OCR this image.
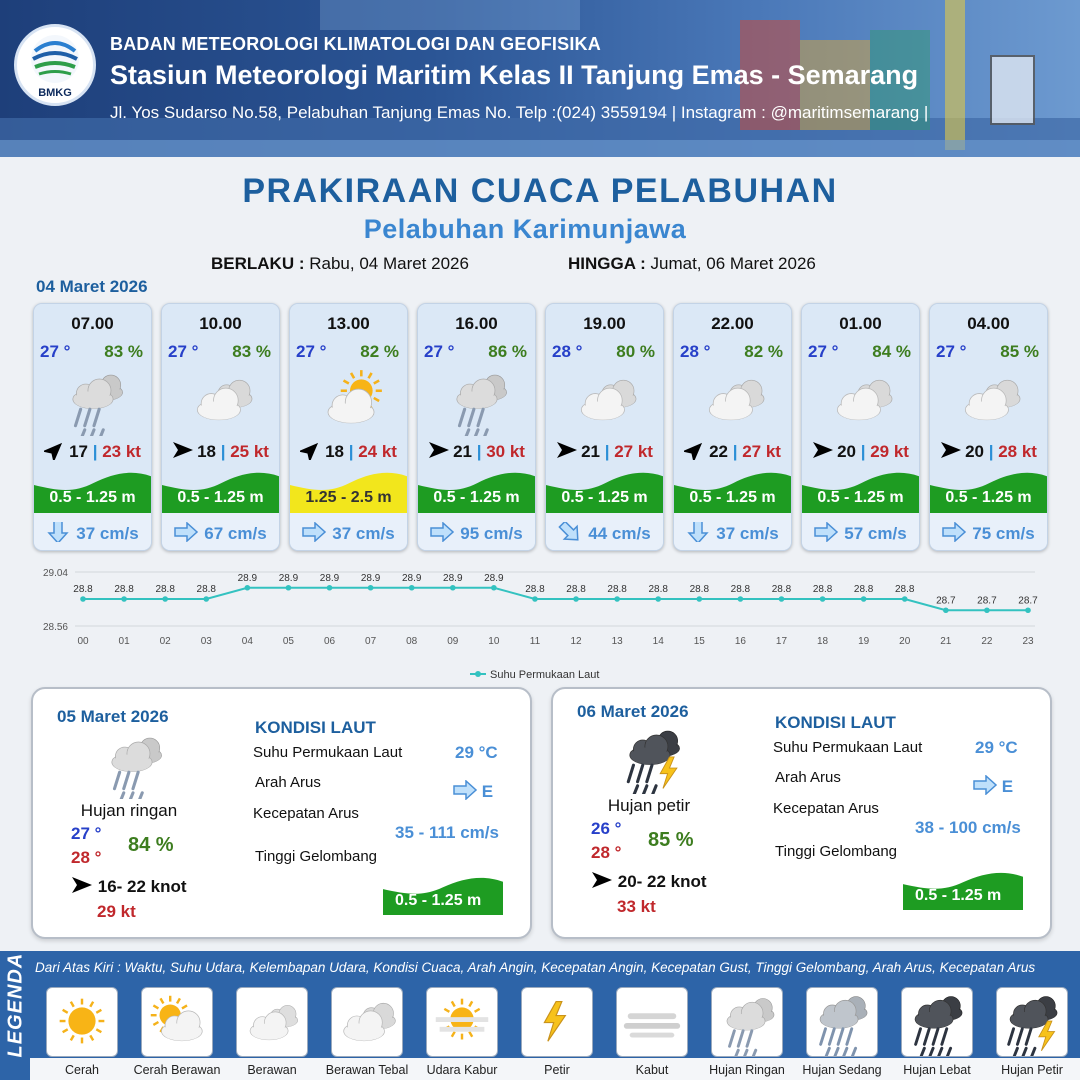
BMKG
BADAN METEOROLOGI KLIMATOLOGI DAN GEOFISIKA
Stasiun Meteorologi Maritim Kelas II Tanjung Emas - Semarang
Jl. Yos Sudarso No.58, Pelabuhan Tanjung Emas No. Telp :(024) 3559194 | Instagram : @maritimsemarang |
PRAKIRAAN CUACA PELABUHAN
Pelabuhan Karimunjawa
BERLAKU : Rabu, 04 Maret 2026	HINGGA : Jumat, 06 Maret 2026
04 Maret 2026
07.00
27 ° 83 %
17 | 23 kt
0.5 - 1.25 m
37 cm/s
10.00
27 ° 83 %
18 | 25 kt
0.5 - 1.25 m
67 cm/s
13.00
27 ° 82 %
18 | 24 kt
1.25 - 2.5 m
37 cm/s
16.00
27 ° 86 %
21 | 30 kt
0.5 - 1.25 m
95 cm/s
19.00
28 ° 80 %
21 | 27 kt
0.5 - 1.25 m
44 cm/s
22.00
28 ° 82 %
22 | 27 kt
0.5 - 1.25 m
37 cm/s
01.00
27 ° 84 %
20 | 29 kt
0.5 - 1.25 m
57 cm/s
04.00
27 ° 85 %
20 | 28 kt
0.5 - 1.25 m
75 cm/s
29.04
28.56
28.8
00
28.8
01
28.8
02
28.8
03
28.9
04
28.9
05
28.9
06
28.9
07
28.9
08
28.9
09
28.9
10
28.8
11
28.8
12
28.8
13
28.8
14
28.8
15
28.8
16
28.8
17
28.8
18
28.8
19
28.8
20
28.7
21
28.7
22
28.7
23
Suhu Permukaan Laut
05 Maret 2026
Hujan ringan
27 °
28 °
84 %
16- 22 knot
29 kt
KONDISI LAUT
Suhu Permukaan Laut	29 °C
Arah Arus	E
Kecepatan Arus
35 - 111 cm/s
Tinggi Gelombang
0.5 - 1.25 m
06 Maret 2026
Hujan petir
26 °
28 °
85 %
20- 22 knot
33 kt
KONDISI LAUT
Suhu Permukaan Laut	29 °C
Arah Arus	E
Kecepatan Arus
38 - 100 cm/s
Tinggi Gelombang
0.5 - 1.25 m
LEGENDA Dari Atas Kiri : Waktu, Suhu Udara, Kelembapan Udara, Kondisi Cuaca, Arah Angin, Kecepatan Angin, Kecepatan Gust, Tinggi Gelombang, Arah Arus, Kecepatan Arus
Cerah	Cerah Berawan	Berawan	Berawan Tebal	Udara Kabur	Petir	Kabut	Hujan Ringan	Hujan Sedang	Hujan Lebat	Hujan Petir
